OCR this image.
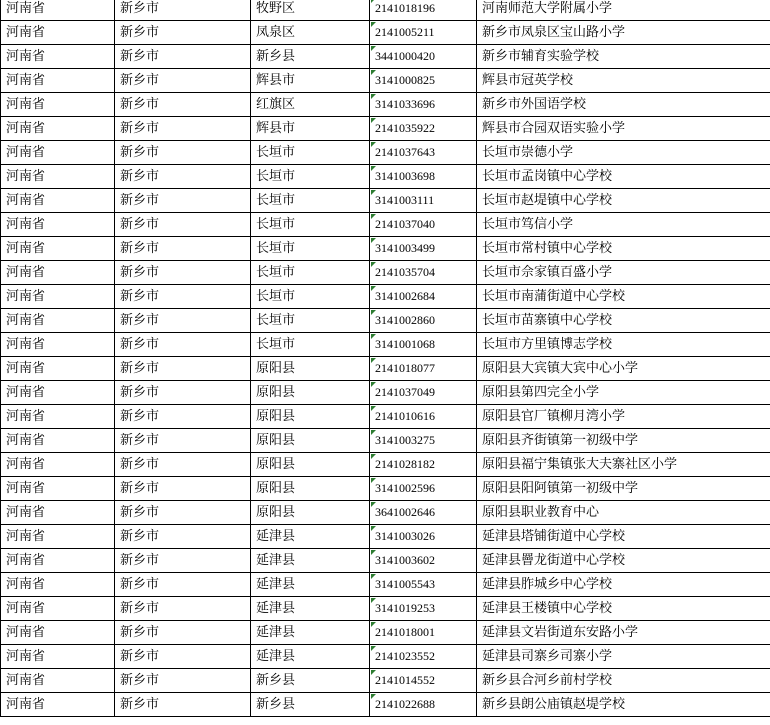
河南省	新乡市	牧野区	2141018196	河南师范大学附属小学
河南省	新乡市	凤泉区	2141005211	新乡市凤泉区宝山路小学
河南省	新乡市	新乡县	3441000420	新乡市辅育实验学校
河南省	新乡市	辉县市	3141000825	辉县市冠英学校
河南省	新乡市	红旗区	3141033696	新乡市外国语学校
河南省	新乡市	辉县市	2141035922	辉县市合园双语实验小学
河南省	新乡市	长垣市	2141037643	长垣市崇德小学
河南省	新乡市	长垣市	3141003698	长垣市孟岗镇中心学校
河南省	新乡市	长垣市	3141003111	长垣市赵堤镇中心学校
河南省	新乡市	长垣市	2141037040	长垣市笃信小学
河南省	新乡市	长垣市	3141003499	长垣市常村镇中心学校
河南省	新乡市	长垣市	2141035704	长垣市佘家镇百盛小学
河南省	新乡市	长垣市	3141002684	长垣市南蒲街道中心学校
河南省	新乡市	长垣市	3141002860	长垣市苗寨镇中心学校
河南省	新乡市	长垣市	3141001068	长垣市方里镇博志学校
河南省	新乡市	原阳县	2141018077	原阳县大宾镇大宾中心小学
河南省	新乡市	原阳县	2141037049	原阳县第四完全小学
河南省	新乡市	原阳县	2141010616	原阳县官厂镇柳月湾小学
河南省	新乡市	原阳县	3141003275	原阳县齐街镇第一初级中学
河南省	新乡市	原阳县	2141028182	原阳县福宁集镇张大夫寨社区小学
河南省	新乡市	原阳县	3141002596	原阳县阳阿镇第一初级中学
河南省	新乡市	原阳县	3641002646	原阳县职业教育中心
河南省	新乡市	延津县	3141003026	延津县塔铺街道中心学校
河南省	新乡市	延津县	3141003602	延津县罾龙街道中心学校
河南省	新乡市	延津县	3141005543	延津县胙城乡中心学校
河南省	新乡市	延津县	3141019253	延津县王楼镇中心学校
河南省	新乡市	延津县	2141018001	延津县文岩街道东安路小学
河南省	新乡市	延津县	2141023552	延津县司寨乡司寨小学
河南省	新乡市	新乡县	2141014552	新乡县合河乡前村学校
河南省	新乡市	新乡县	2141022688	新乡县朗公庙镇赵堤学校
